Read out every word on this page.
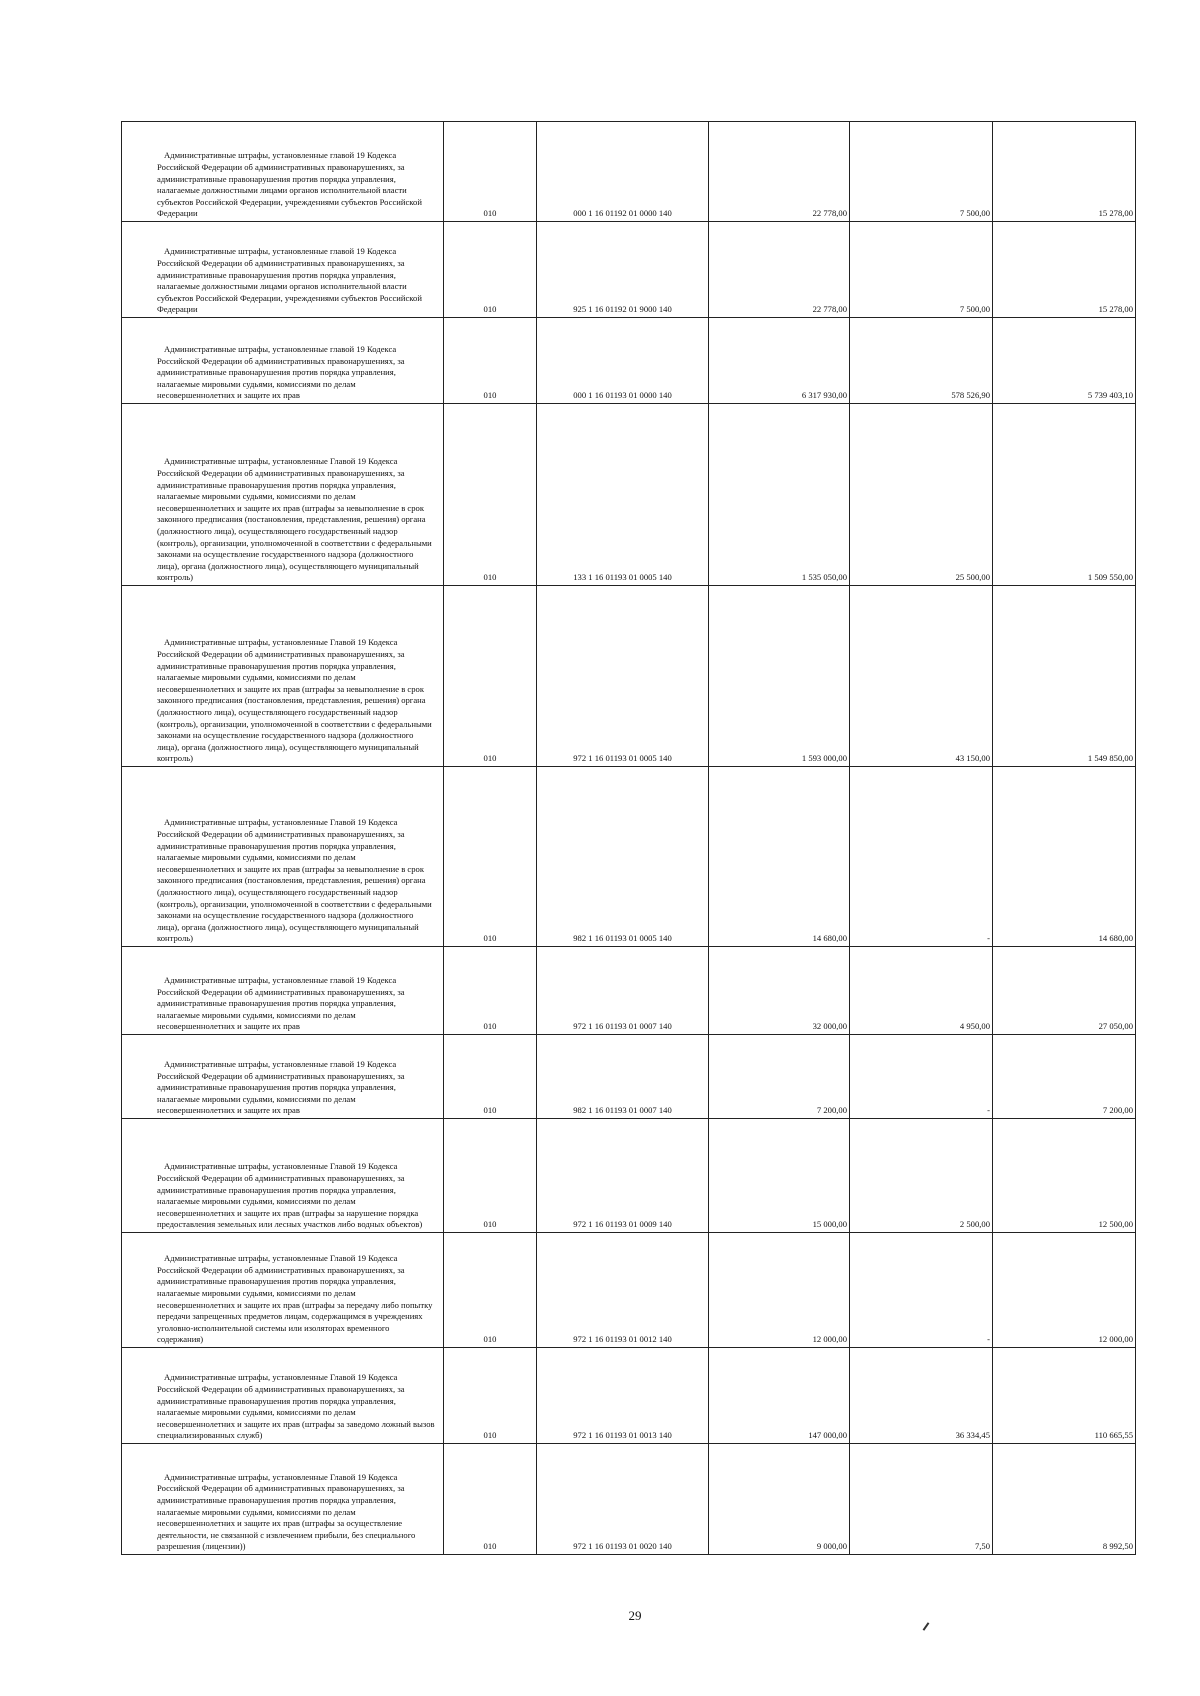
Административные штрафы, установленные главой 19 Кодекса Российской Федерации об административных правонарушениях, за административные правонарушения против порядка управления, налагаемые должностными лицами органов исполнительной власти субъектов Российской Федерации, учреждениями субъектов Российской Федерации	010	000 1 16 01192 01 0000 140	22 778,00	7 500,00	15 278,00
Административные штрафы, установленные главой 19 Кодекса Российской Федерации об административных правонарушениях, за административные правонарушения против порядка управления, налагаемые должностными лицами органов исполнительной власти субъектов Российской Федерации, учреждениями субъектов Российской Федерации	010	925 1 16 01192 01 9000 140	22 778,00	7 500,00	15 278,00
Административные штрафы, установленные главой 19 Кодекса Российской Федерации об административных правонарушениях, за административные правонарушения против порядка управления, налагаемые мировыми судьями, комиссиями по делам несовершеннолетних и защите их прав	010	000 1 16 01193 01 0000 140	6 317 930,00	578 526,90	5 739 403,10
Административные штрафы, установленные Главой 19 Кодекса Российской Федерации об административных правонарушениях, за административные правонарушения против порядка управления, налагаемые мировыми судьями, комиссиями по делам несовершеннолетних и защите их прав (штрафы за невыполнение в срок законного предписания (постановления, представления, решения) органа (должностного лица), осуществляющего государственный надзор (контроль), организации, уполномоченной в соответствии с федеральными законами на осуществление государственного надзора (должностного лица), органа (должностного лица), осуществляющего муниципальный контроль)	010	133 1 16 01193 01 0005 140	1 535 050,00	25 500,00	1 509 550,00
Административные штрафы, установленные Главой 19 Кодекса Российской Федерации об административных правонарушениях, за административные правонарушения против порядка управления, налагаемые мировыми судьями, комиссиями по делам несовершеннолетних и защите их прав (штрафы за невыполнение в срок законного предписания (постановления, представления, решения) органа (должностного лица), осуществляющего государственный надзор (контроль), организации, уполномоченной в соответствии с федеральными законами на осуществление государственного надзора (должностного лица), органа (должностного лица), осуществляющего муниципальный контроль)	010	972 1 16 01193 01 0005 140	1 593 000,00	43 150,00	1 549 850,00
Административные штрафы, установленные Главой 19 Кодекса Российской Федерации об административных правонарушениях, за административные правонарушения против порядка управления, налагаемые мировыми судьями, комиссиями по делам несовершеннолетних и защите их прав (штрафы за невыполнение в срок законного предписания (постановления, представления, решения) органа (должностного лица), осуществляющего государственный надзор (контроль), организации, уполномоченной в соответствии с федеральными законами на осуществление государственного надзора (должностного лица), органа (должностного лица), осуществляющего муниципальный контроль)	010	982 1 16 01193 01 0005 140	14 680,00	-	14 680,00
Административные штрафы, установленные главой 19 Кодекса Российской Федерации об административных правонарушениях, за административные правонарушения против порядка управления, налагаемые мировыми судьями, комиссиями по делам несовершеннолетних и защите их прав	010	972 1 16 01193 01 0007 140	32 000,00	4 950,00	27 050,00
Административные штрафы, установленные главой 19 Кодекса Российской Федерации об административных правонарушениях, за административные правонарушения против порядка управления, налагаемые мировыми судьями, комиссиями по делам несовершеннолетних и защите их прав	010	982 1 16 01193 01 0007 140	7 200,00	-	7 200,00
Административные штрафы, установленные Главой 19 Кодекса Российской Федерации об административных правонарушениях, за административные правонарушения против порядка управления, налагаемые мировыми судьями, комиссиями по делам несовершеннолетних и защите их прав (штрафы за нарушение порядка предоставления земельных или лесных участков либо водных объектов)	010	972 1 16 01193 01 0009 140	15 000,00	2 500,00	12 500,00
Административные штрафы, установленные Главой 19 Кодекса Российской Федерации об административных правонарушениях, за административные правонарушения против порядка управления, налагаемые мировыми судьями, комиссиями по делам несовершеннолетних и защите их прав (штрафы за передачу либо попытку передачи запрещенных предметов лицам, содержащимся в учреждениях уголовно-исполнительной системы или изоляторах временного содержания)	010	972 1 16 01193 01 0012 140	12 000,00	-	12 000,00
Административные штрафы, установленные Главой 19 Кодекса Российской Федерации об административных правонарушениях, за административные правонарушения против порядка управления, налагаемые мировыми судьями, комиссиями по делам несовершеннолетних и защите их прав (штрафы за заведомо ложный вызов специализированных служб)	010	972 1 16 01193 01 0013 140	147 000,00	36 334,45	110 665,55
Административные штрафы, установленные Главой 19 Кодекса Российской Федерации об административных правонарушениях, за административные правонарушения против порядка управления, налагаемые мировыми судьями, комиссиями по делам несовершеннолетних и защите их прав (штрафы за осуществление деятельности, не связанной с извлечением прибыли, без специального разрешения (лицензии))	010	972 1 16 01193 01 0020 140	9 000,00	7,50	8 992,50
29
